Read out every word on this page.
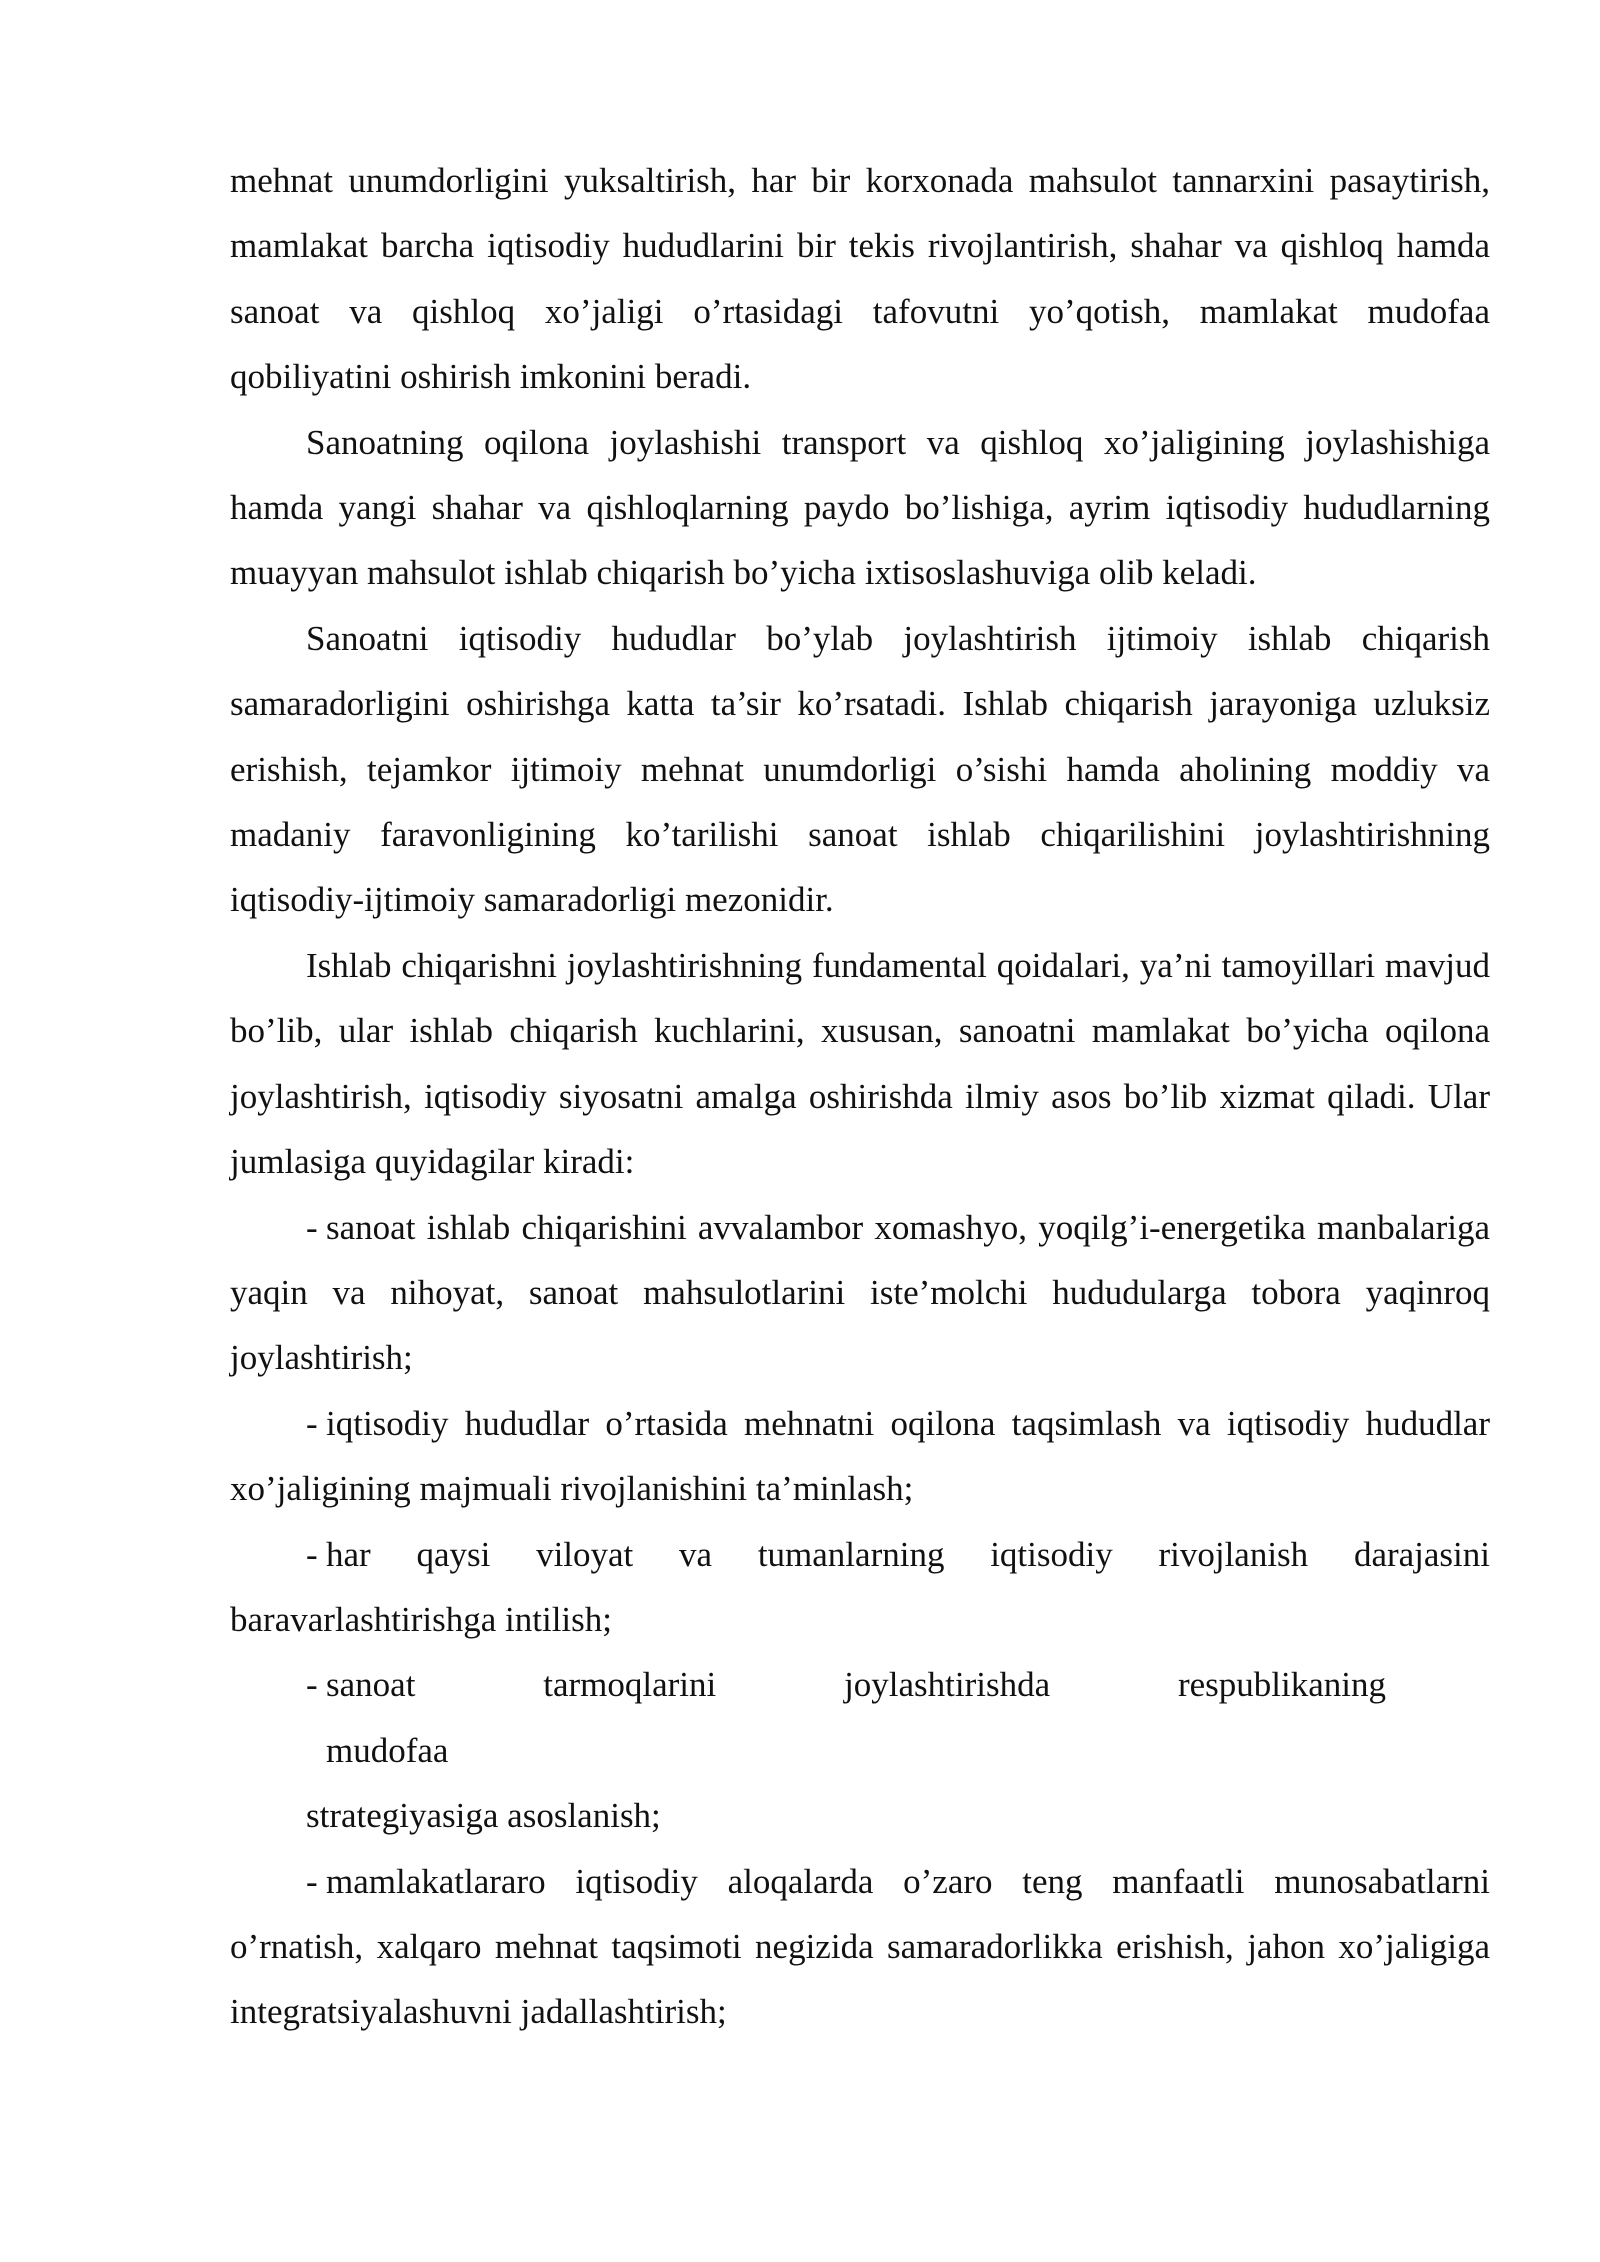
mehnat unumdorligini yuksaltirish, har bir korxonada mahsulot tannarxini pasaytirish, mamlakat barcha iqtisodiy hududlarini bir tekis rivojlantirish, shahar va qishloq hamda sanoat va qishloq xo’jaligi o’rtasidagi tafovutni yo’qotish, mamlakat mudofaa qobiliyatini oshirish imkonini beradi.

Sanoatning oqilona joylashishi transport va qishloq xo’jaligining joylashishiga hamda yangi shahar va qishloqlarning paydo bo’lishiga, ayrim iqtisodiy hududlarning muayyan mahsulot ishlab chiqarish bo’yicha ixtisoslashuviga olib keladi.

Sanoatni iqtisodiy hududlar bo’ylab joylashtirish ijtimoiy ishlab chiqarish samaradorligini oshirishga katta ta’sir ko’rsatadi. Ishlab chiqarish jarayoniga uzluksiz erishish, tejamkor ijtimoiy mehnat unumdorligi o’sishi hamda aholining moddiy va madaniy faravonligining ko’tarilishi sanoat ishlab chiqarilishini joylashtirishning iqtisodiy-ijtimoiy samaradorligi mezonidir.

Ishlab chiqarishni joylashtirishning fundamental qoidalari, ya’ni tamoyillari mavjud bo’lib, ular ishlab chiqarish kuchlarini, xususan, sanoatni mamlakat bo’yicha oqilona joylashtirish, iqtisodiy siyosatni amalga oshirishda ilmiy asos bo’lib xizmat qiladi. Ular jumlasiga quyidagilar kiradi:

- sanoat ishlab chiqarishini avvalambor xomashyo, yoqilg’i-energetika manbalariga yaqin va nihoyat, sanoat mahsulotlarini iste’molchi hududularga tobora yaqinroq joylashtirish;

- iqtisodiy hududlar o’rtasida mehnatni oqilona taqsimlash va iqtisodiy hududlar xo’jaligining majmuali rivojlanishini ta’minlash;

- har qaysi viloyat va tumanlarning iqtisodiy rivojlanish darajasini baravarlashtirishga intilish;

- sanoat	tarmoqlarini	joylashtirishda	respublikaning
mudofaa
strategiyasiga asoslanish;

- mamlakatlararo iqtisodiy aloqalarda o’zaro teng manfaatli munosabatlarni o’rnatish, xalqaro mehnat taqsimoti negizida samaradorlikka erishish, jahon xo’jaligiga integratsiyalashuvni jadallashtirish;
